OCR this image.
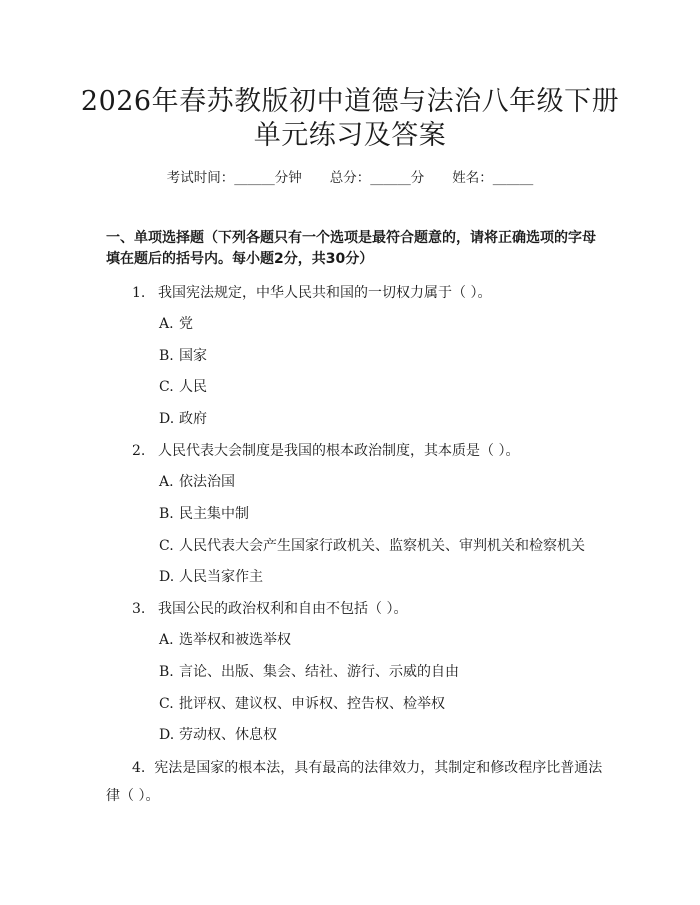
2026年春苏教版初中道德与法治八年级下册
单元练习及答案
考试时间：______分钟 总分：______分 姓名：______
一、单项选择题（下列各题只有一个选项是最符合题意的，请将正确选项的字母填在题后的括号内。每小题2分，共30分）
1. 我国宪法规定，中华人民共和国的一切权力属于（ ）。
A. 党
B. 国家
C. 人民
D. 政府
2. 人民代表大会制度是我国的根本政治制度，其本质是（ ）。
A. 依法治国
B. 民主集中制
C. 人民代表大会产生国家行政机关、监察机关、审判机关和检察机关
D. 人民当家作主
3. 我国公民的政治权利和自由不包括（ ）。
A. 选举权和被选举权
B. 言论、出版、集会、结社、游行、示威的自由
C. 批评权、建议权、申诉权、控告权、检举权
D. 劳动权、休息权
4. 宪法是国家的根本法，具有最高的法律效力，其制定和修改程序比普通法律（ ）。
